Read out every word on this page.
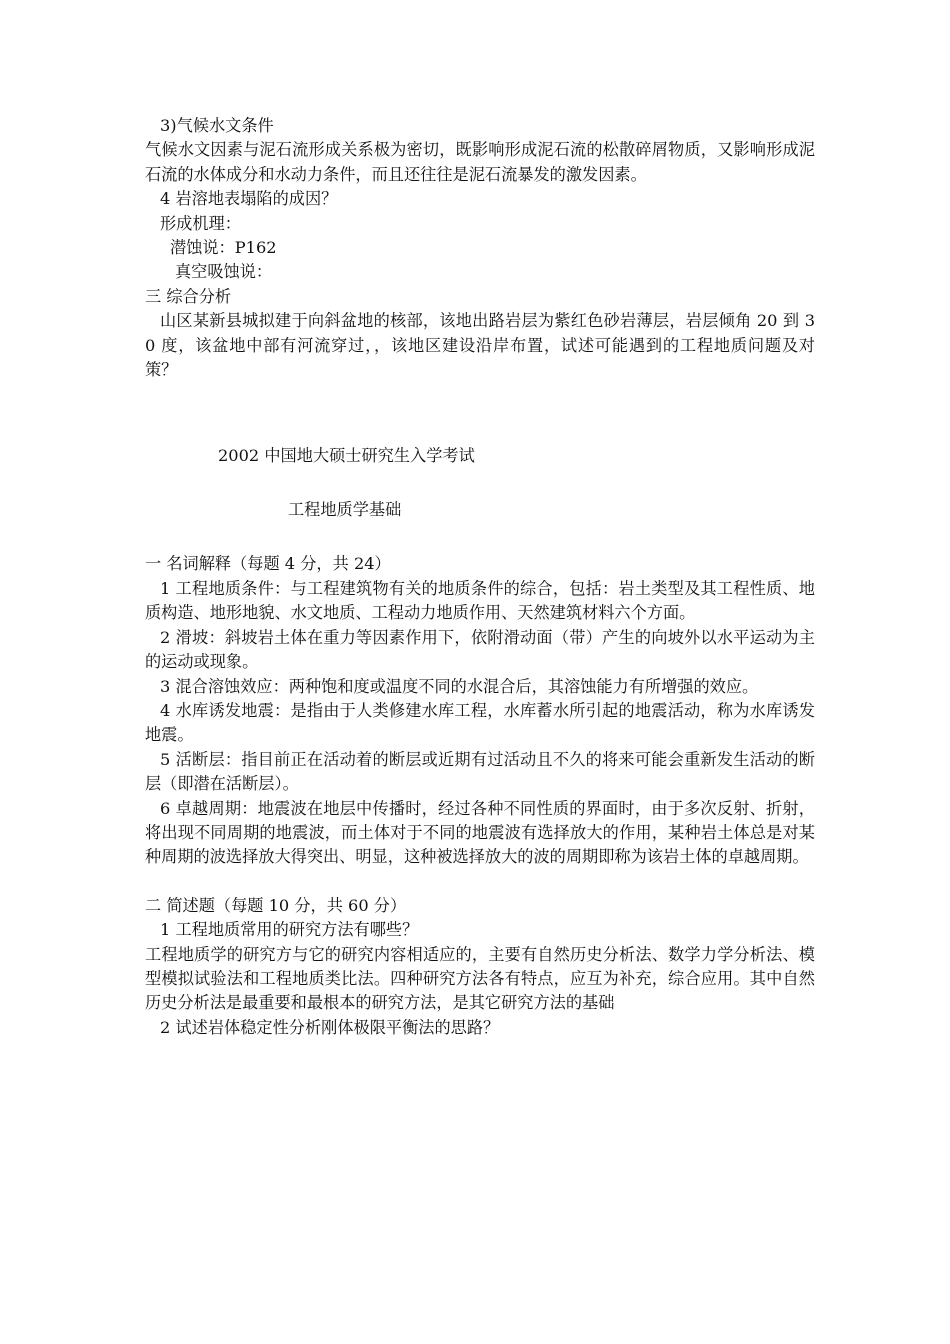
3)气候水文条件
气候水文因素与泥石流形成关系极为密切，既影响形成泥石流的松散碎屑物质，又影响形成泥石流的水体成分和水动力条件，而且还往往是泥石流暴发的激发因素。
4 岩溶地表塌陷的成因？
形成机理：
潜蚀说：P162
真空吸蚀说：
三 综合分析
山区某新县城拟建于向斜盆地的核部，该地出路岩层为紫红色砂岩薄层，岩层倾角 20 到 30 度，该盆地中部有河流穿过，，该地区建设沿岸布置，试述可能遇到的工程地质问题及对策？
2002 中国地大硕士研究生入学考试
工程地质学基础
一 名词解释（每题 4 分，共 24）
1 工程地质条件：与工程建筑物有关的地质条件的综合，包括：岩土类型及其工程性质、地质构造、地形地貌、水文地质、工程动力地质作用、天然建筑材料六个方面。
2 滑坡：斜坡岩土体在重力等因素作用下，依附滑动面（带）产生的向坡外以水平运动为主的运动或现象。
3 混合溶蚀效应：两种饱和度或温度不同的水混合后，其溶蚀能力有所增强的效应。
4 水库诱发地震：是指由于人类修建水库工程，水库蓄水所引起的地震活动，称为水库诱发地震。
5 活断层：指目前正在活动着的断层或近期有过活动且不久的将来可能会重新发生活动的断层（即潜在活断层）。
6 卓越周期：地震波在地层中传播时，经过各种不同性质的界面时，由于多次反射、折射，将出现不同周期的地震波，而土体对于不同的地震波有选择放大的作用，某种岩土体总是对某种周期的波选择放大得突出、明显，这种被选择放大的波的周期即称为该岩土体的卓越周期。
二 简述题（每题 10 分，共 60 分）
1 工程地质常用的研究方法有哪些？
工程地质学的研究方与它的研究内容相适应的，主要有自然历史分析法、数学力学分析法、模型模拟试验法和工程地质类比法。四种研究方法各有特点，应互为补充，综合应用。其中自然历史分析法是最重要和最根本的研究方法，是其它研究方法的基础
2 试述岩体稳定性分析刚体极限平衡法的思路？
